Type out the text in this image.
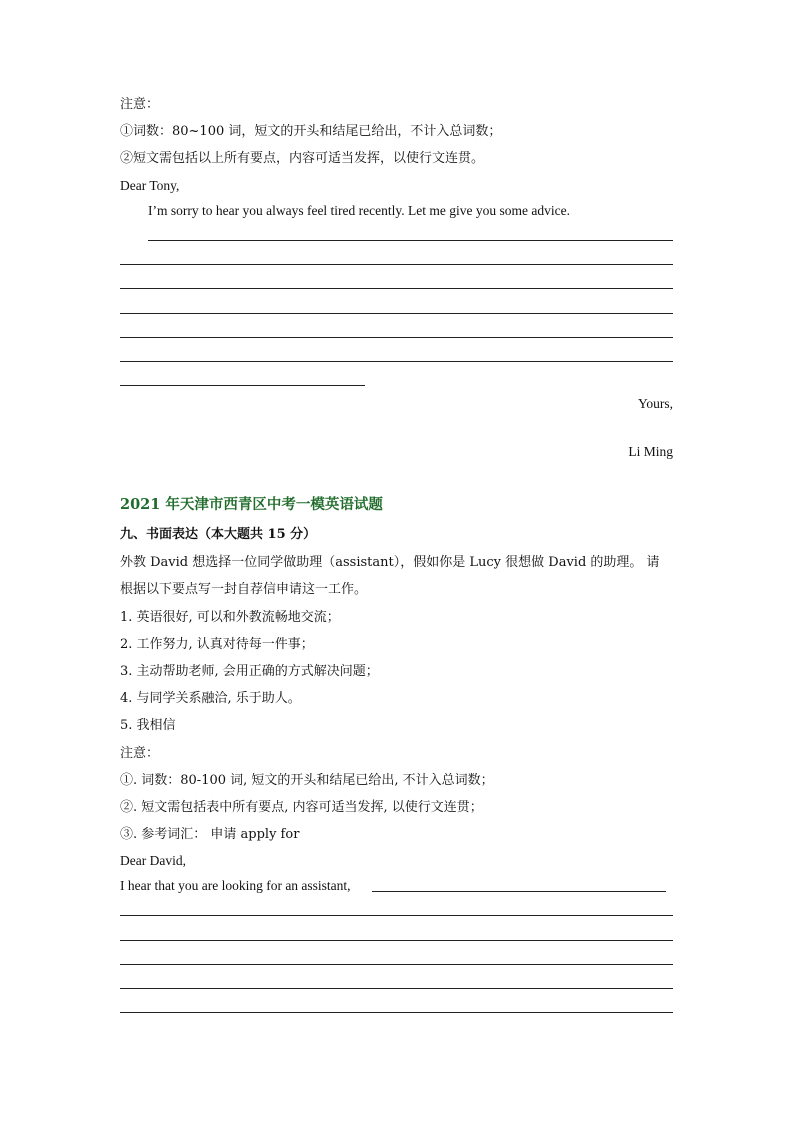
注意：
①词数：80~100 词，短文的开头和结尾已给出，不计入总词数；
②短文需包括以上所有要点，内容可适当发挥，以使行文连贯。
Dear Tony,
I’m sorry to hear you always feel tired recently. Let me give you some advice.
Yours,
Li Ming
2021 年天津市西青区中考一模英语试题
九、书面表达（本大题共 15 分）
外教 David 想选择一位同学做助理（assistant），假如你是 Lucy 很想做 David 的助理。 请
根据以下要点写一封自荐信申请这一工作。
1. 英语很好, 可以和外教流畅地交流；
2. 工作努力, 认真对待每一件事；
3. 主动帮助老师, 会用正确的方式解决问题；
4. 与同学关系融洽, 乐于助人。
5. 我相信
注意：
①. 词数：80-100 词, 短文的开头和结尾已给出, 不计入总词数；
②. 短文需包括表中所有要点, 内容可适当发挥, 以使行文连贯；
③. 参考词汇： 申请 apply for
Dear David,
I hear that you are looking for an assistant,
